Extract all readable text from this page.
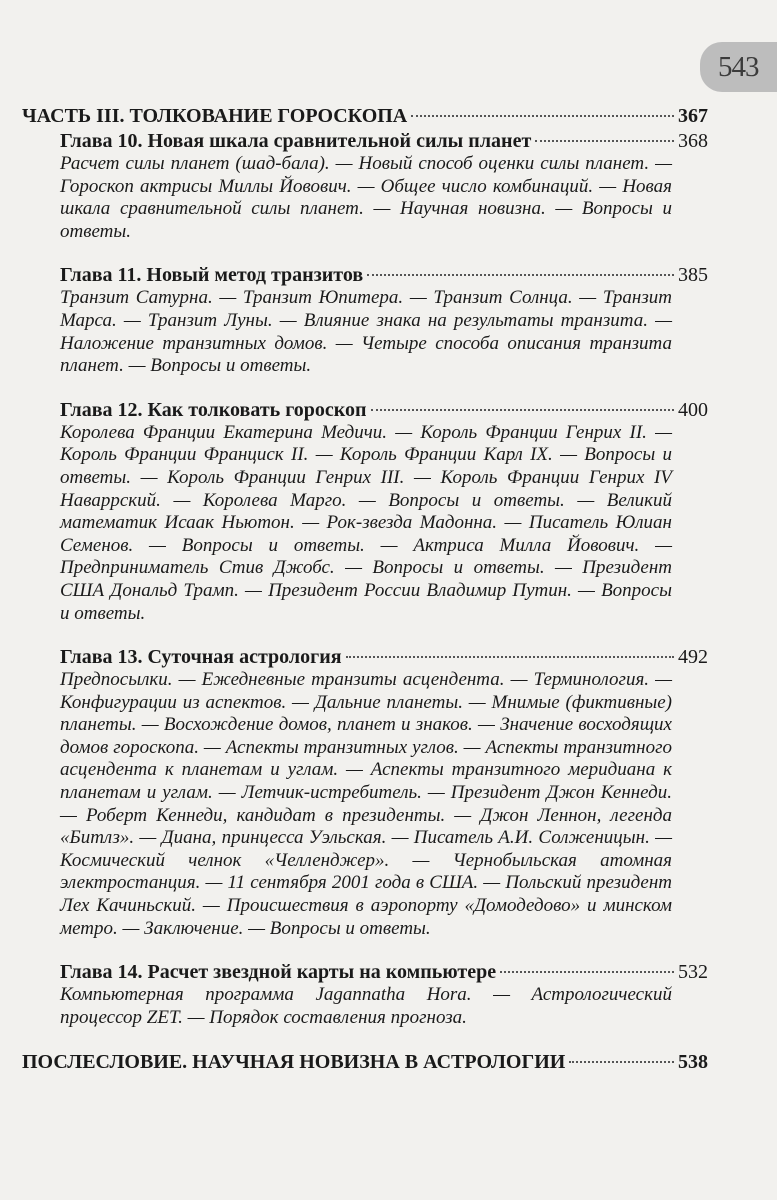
543
ЧАСТЬ III. ТОЛКОВАНИЕ ГОРОСКОПА	367
Глава 10. Новая шкала сравнительной силы планет	368
Расчет силы планет (шад-бала). — Новый способ оценки силы планет. — Гороскоп актрисы Миллы Йовович. — Общее число комбинаций. — Новая шкала сравнительной силы планет. — Научная новизна. — Вопросы и ответы.
Глава 11. Новый метод транзитов	385
Транзит Сатурна. — Транзит Юпитера. — Транзит Солнца. — Транзит Марса. — Транзит Луны. — Влияние знака на результаты транзита. — Наложение транзитных домов. — Четыре способа описания транзита планет. — Вопросы и ответы.
Глава 12. Как толковать гороскоп	400
Королева Франции Екатерина Медичи. — Король Франции Генрих II. — Король Франции Франциск II. — Король Франции Карл IX. — Вопросы и ответы. — Король Франции Генрих III. — Король Франции Генрих IV Наваррский. — Королева Марго. — Вопросы и ответы. — Великий математик Исаак Ньютон. — Рок-звезда Мадонна. — Писатель Юлиан Семенов. — Вопросы и ответы. — Актриса Милла Йовович. — Предприниматель Стив Джобс. — Вопросы и ответы. — Президент США Дональд Трамп. — Президент России Владимир Путин. — Вопросы и ответы.
Глава 13. Суточная астрология	492
Предпосылки. — Ежедневные транзиты асцендента. — Терминология. — Конфигурации из аспектов. — Дальние планеты. — Мнимые (фиктивные) планеты. — Восхождение домов, планет и знаков. — Значение восходящих домов гороскопа. — Аспекты транзитных углов. — Аспекты транзитного асцендента к планетам и углам. — Аспекты транзитного меридиана к планетам и углам. — Летчик-истребитель. — Президент Джон Кеннеди. — Роберт Кеннеди, кандидат в президенты. — Джон Леннон, легенда «Битлз». — Диана, принцесса Уэльская. — Писатель А.И. Солженицын. — Космический челнок «Челленджер». — Чернобыльская атомная электростанция. — 11 сентября 2001 года в США. — Польский президент Лех Качиньский. — Происшествия в аэропорту «Домодедово» и минском метро. — Заключение. — Вопросы и ответы.
Глава 14. Расчет звездной карты на компьютере	532
Компьютерная программа Jagannatha Hora. — Астрологический процессор ZET. — Порядок составления прогноза.
ПОСЛЕСЛОВИЕ. НАУЧНАЯ НОВИЗНА В АСТРОЛОГИИ	538
